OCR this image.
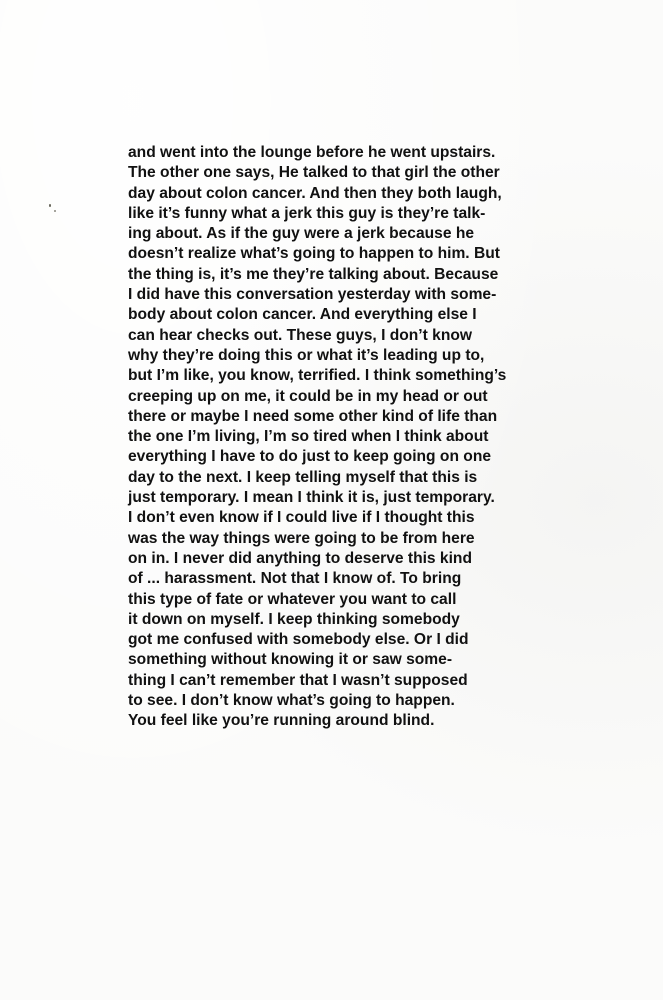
and went into the lounge before he went upstairs.
The other one says, He talked to that girl the other
day about colon cancer. And then they both laugh,
like it’s funny what a jerk this guy is they’re talk-
ing about. As if the guy were a jerk because he
doesn’t realize what’s going to happen to him. But
the thing is, it’s me they’re talking about. Because
I did have this conversation yesterday with some-
body about colon cancer. And everything else I
can hear checks out. These guys, I don’t know
why they’re doing this or what it’s leading up to,
but I’m like, you know, terrified. I think something’s
creeping up on me, it could be in my head or out
there or maybe I need some other kind of life than
the one I’m living, I’m so tired when I think about
everything I have to do just to keep going on one
day to the next. I keep telling myself that this is
just temporary. I mean I think it is, just temporary.
I don’t even know if I could live if I thought this
was the way things were going to be from here
on in. I never did anything to deserve this kind
of ... harassment. Not that I know of. To bring
this type of fate or whatever you want to call
it down on myself. I keep thinking somebody
got me confused with somebody else. Or I did
something without knowing it or saw some-
thing I can’t remember that I wasn’t supposed
to see. I don’t know what’s going to happen.
You feel like you’re running around blind.
